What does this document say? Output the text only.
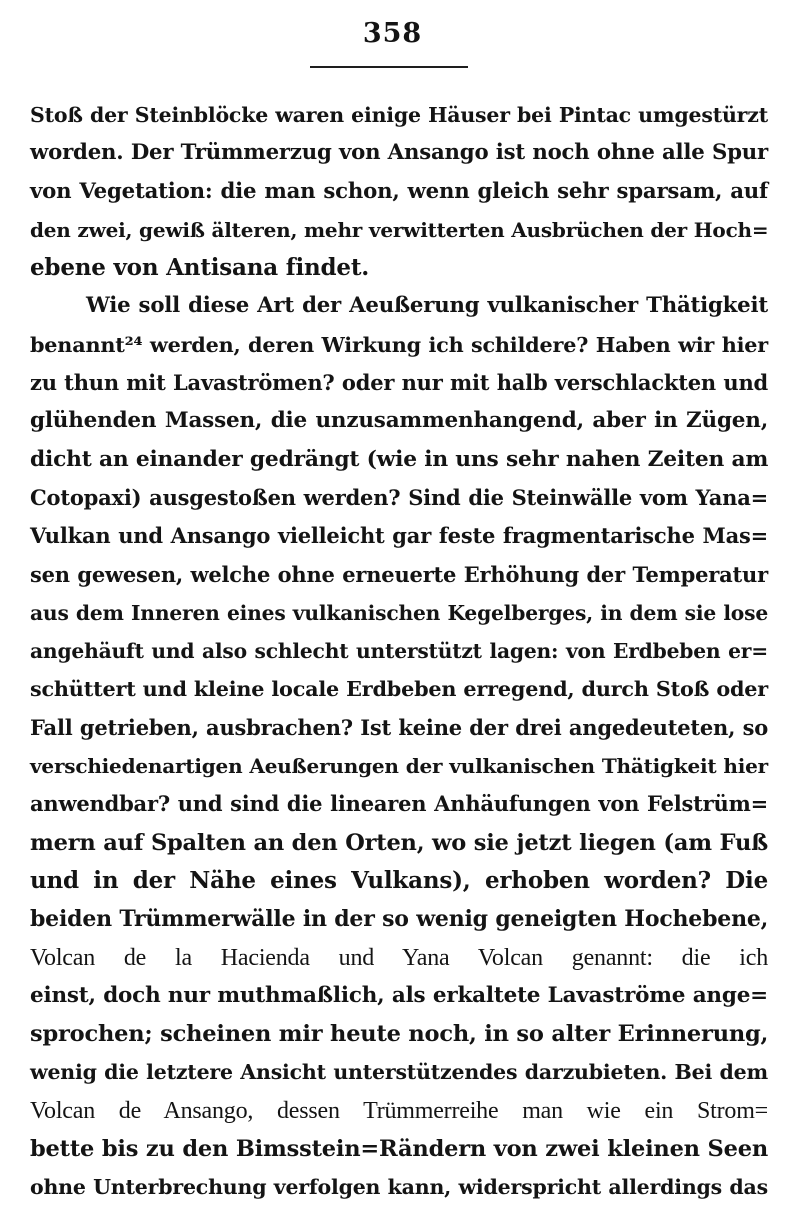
358
Stoß der Steinblöcke waren einige Häuser bei Pintac umgestürzt
worden. Der Trümmerzug von Ansango ist noch ohne alle Spur
von Vegetation: die man schon, wenn gleich sehr sparsam, auf
den zwei, gewiß älteren, mehr verwitterten Ausbrüchen der Hoch=
ebene von Antisana findet.
Wie soll diese Art der Aeußerung vulkanischer Thätigkeit
benannt²⁴ werden, deren Wirkung ich schildere? Haben wir hier
zu thun mit Lavaströmen? oder nur mit halb verschlackten und
glühenden Massen, die unzusammenhangend, aber in Zügen,
dicht an einander gedrängt (wie in uns sehr nahen Zeiten am
Cotopaxi) ausgestoßen werden? Sind die Steinwälle vom Yana=
Vulkan und Ansango vielleicht gar feste fragmentarische Mas=
sen gewesen, welche ohne erneuerte Erhöhung der Temperatur
aus dem Inneren eines vulkanischen Kegelberges, in dem sie lose
angehäuft und also schlecht unterstützt lagen: von Erdbeben er=
schüttert und kleine locale Erdbeben erregend, durch Stoß oder
Fall getrieben, ausbrachen? Ist keine der drei angedeuteten, so
verschiedenartigen Aeußerungen der vulkanischen Thätigkeit hier
anwendbar? und sind die linearen Anhäufungen von Felstrüm=
mern auf Spalten an den Orten, wo sie jetzt liegen (am Fuß
und in der Nähe eines Vulkans), erhoben worden? Die
beiden Trümmerwälle in der so wenig geneigten Hochebene,
Volcan de la Hacienda und Yana Volcan genannt: die ich
einst, doch nur muthmaßlich, als erkaltete Lavaströme ange=
sprochen; scheinen mir heute noch, in so alter Erinnerung,
wenig die letztere Ansicht unterstützendes darzubieten. Bei dem
Volcan de Ansango, dessen Trümmerreihe man wie ein Strom=
bette bis zu den Bimsstein=Rändern von zwei kleinen Seen
ohne Unterbrechung verfolgen kann, widerspricht allerdings das
